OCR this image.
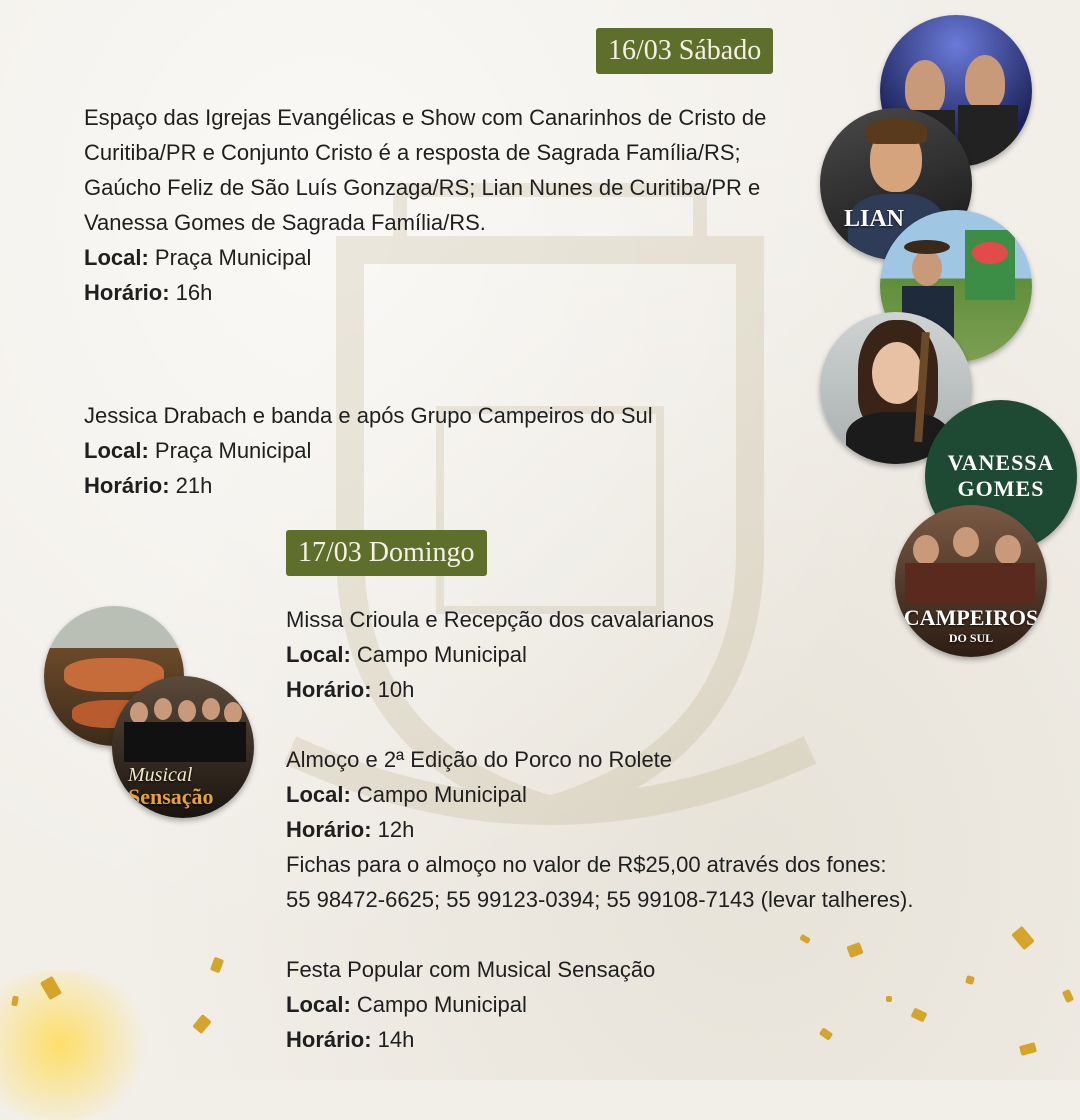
16/03 Sábado

Espaço das Igrejas Evangélicas e Show com Canarinhos de Cristo de Curitiba/PR e Conjunto Cristo é a resposta de Sagrada Família/RS; Gaúcho Feliz de São Luís Gonzaga/RS; Lian Nunes de Curitiba/PR e Vanessa Gomes de Sagrada Família/RS.

Local: Praça Municipal

Horário: 16h

Jessica Drabach e banda e após Grupo Campeiros do Sul

Local: Praça Municipal

Horário: 21h

17/03 Domingo

Missa Crioula e Recepção dos cavalarianos

Local: Campo Municipal

Horário: 10h

Almoço e 2ª Edição do Porco no Rolete

Local: Campo Municipal

Horário: 12h

Fichas para o almoço no valor de R$25,00 através dos fones:

55 98472-6625; 55 99123-0394; 55 99108-7143 (levar talheres).

Festa Popular com Musical Sensação

Local: Campo Municipal

Horário: 14h

LIAN
VANESSA
GOMES
CAMPEIROS
DO SUL
Musical
Sensação
